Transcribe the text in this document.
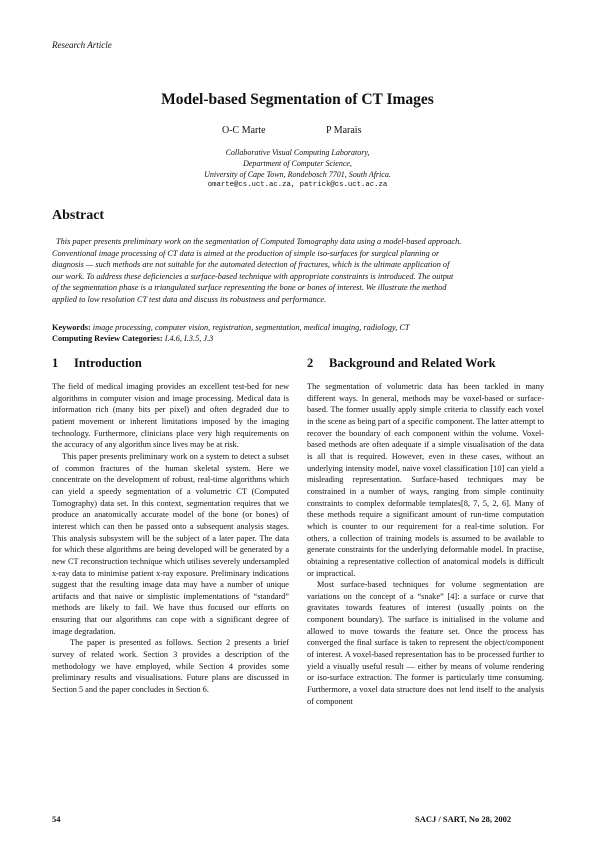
Research Article
Model-based Segmentation of CT Images
O-C Marte	P Marais
Collaborative Visual Computing Laboratory,
Department of Computer Science,
University of Cape Town, Rondebosch 7701, South Africa.
omarte@cs.uct.ac.za, patrick@cs.uct.ac.za
Abstract
This paper presents preliminary work on the segmentation of Computed Tomography data using a model-based approach.
Conventional image processing of CT data is aimed at the production of simple iso-surfaces for surgical planning or
diagnosis — such methods are not suitable for the automated detection of fractures, which is the ultimate application of
our work. To address these deficiencies a surface-based technique with appropriate constraints is introduced. The output
of the segmentation phase is a triangulated surface representing the bone or bones of interest. We illustrate the method
applied to low resolution CT test data and discuss its robustness and performance.
Keywords: image processing, computer vision, registration, segmentation, medical imaging, radiology, CT
Computing Review Categories: I.4.6, I.3.5, J.3
1 Introduction	2 Background and Related Work

The field of medical imaging provides an excellent test-bed for new algorithms in computer vision and image processing. Medical data is information rich (many bits per pixel) and often degraded due to patient movement or inherent limitations imposed by the imaging technology. Furthermore, clinicians place very high requirements on the accuracy of any algorithm since lives may be at risk.

This paper presents preliminary work on a system to detect a subset of common fractures of the human skeletal system. Here we concentrate on the development of robust, real-time algorithms which can yield a speedy segmentation of a volumetric CT (Computed Tomography) data set. In this context, segmentation requires that we produce an anatomically accurate model of the bone (or bones) of interest which can then be passed onto a subsequent analysis stages. This analysis subsystem will be the subject of a later paper. The data for which these algorithms are being developed will be generated by a new CT reconstruction technique which utilises severely undersampled x-ray data to minimise patient x-ray exposure. Preliminary indications suggest that the resulting image data may have a number of unique artifacts and that naive or simplistic implementations of “standard” methods are likely to fail. We have thus focused our efforts on ensuring that our algorithms can cope with a significant degree of image degradation.

The paper is presented as follows. Section 2 presents a brief survey of related work. Section 3 provides a description of the methodology we have employed, while Section 4 provides some preliminary results and visualisations. Future plans are discussed in Section 5 and the paper concludes in Section 6.

The segmentation of volumetric data has been tackled in many different ways. In general, methods may be voxel-based or surface-based. The former usually apply simple criteria to classify each voxel in the scene as being part of a specific component. The latter attempt to recover the boundary of each component within the volume. Voxel-based methods are often adequate if a simple visualisation of the data is all that is required. However, even in these cases, without an underlying intensity model, naive voxel classification [10] can yield a misleading representation. Surface-based techniques may be constrained in a number of ways, ranging from simple continuity constraints to complex deformable templates[8, 7, 5, 2, 6]. Many of these methods require a significant amount of run-time computation which is counter to our requirement for a real-time solution. For others, a collection of training models is assumed to be available to generate constraints for the underlying deformable model. In practise, obtaining a representative collection of anatomical models is difficult or impractical.

Most surface-based techniques for volume segmentation are variations on the concept of a “snake” [4]: a surface or curve that gravitates towards features of interest (usually points on the component boundary). The surface is initialised in the volume and allowed to move towards the feature set. Once the process has converged the final surface is taken to represent the object/component of interest. A voxel-based representation has to be processed further to yield a visually useful result — either by means of volume rendering or iso-surface extraction. The former is particularly time consuming. Furthermore, a voxel data structure does not lend itself to the analysis of component

54	SACJ / SART, No 28, 2002
